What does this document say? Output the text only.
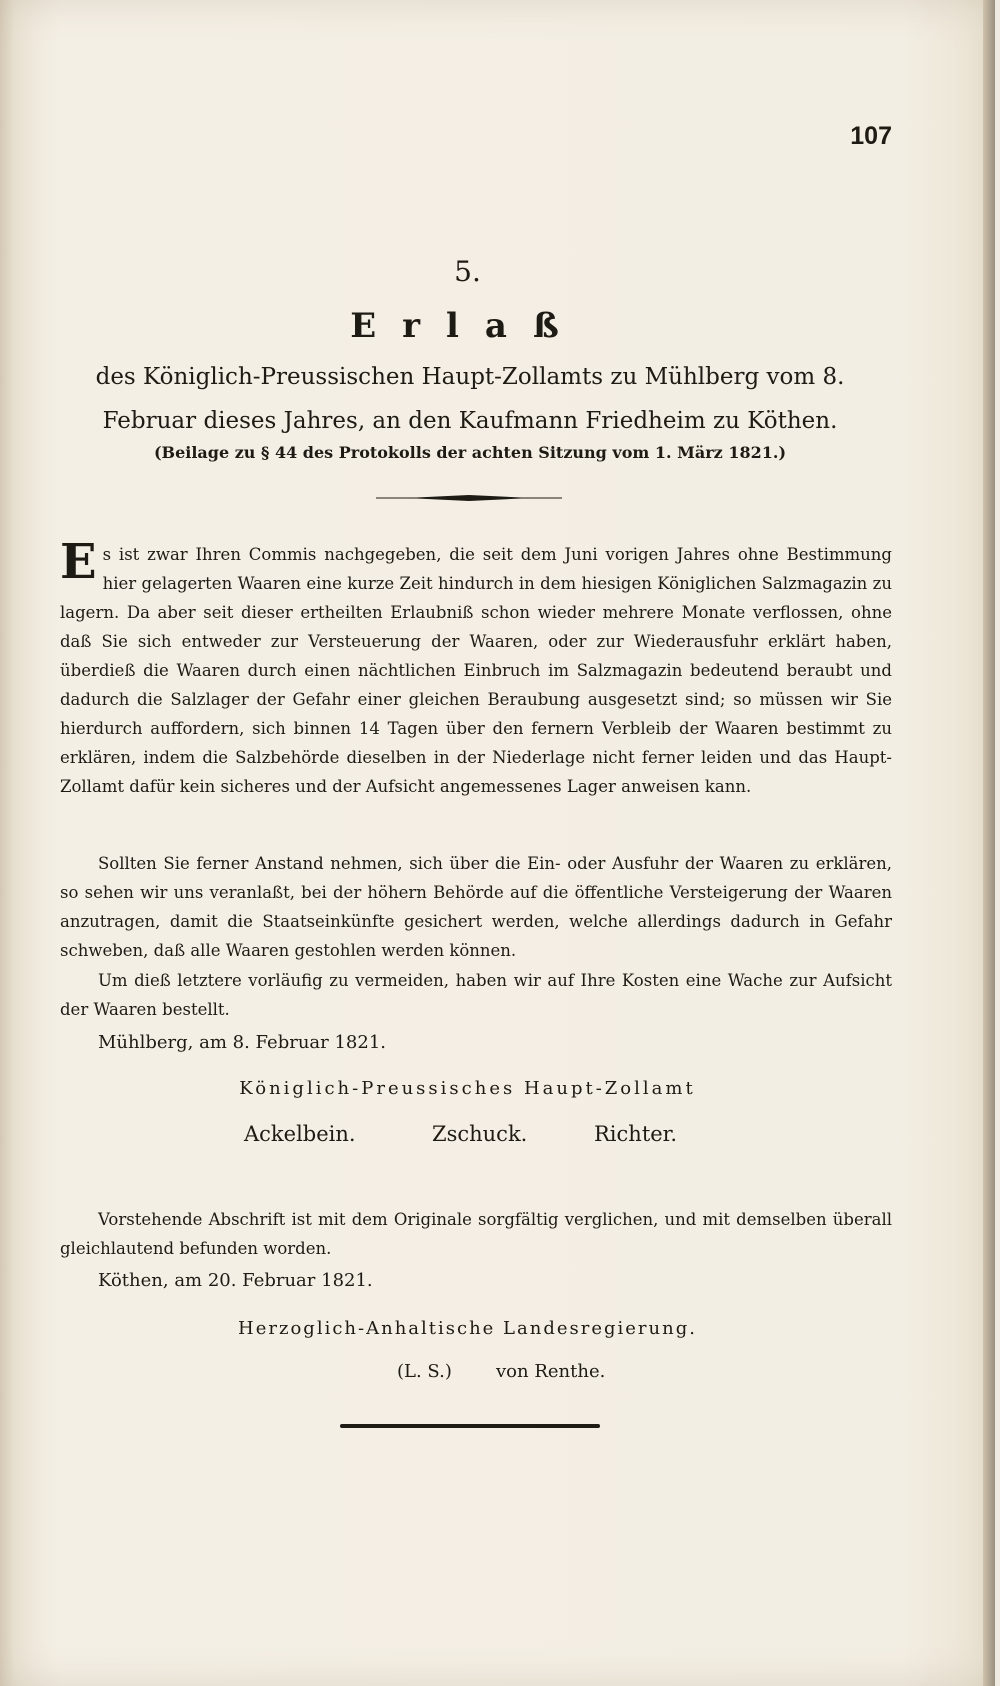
107
5.
Erlaß
des Königlich-Preussischen Haupt-Zollamts zu Mühlberg vom 8. Februar dieses Jahres, an den Kaufmann Friedheim zu Köthen.
(Beilage zu § 44 des Protokolls der achten Sitzung vom 1. März 1821.)
Es ist zwar Ihren Commis nachgegeben, die seit dem Juni vorigen Jahres ohne Bestimmung hier gelagerten Waaren eine kurze Zeit hindurch in dem hiesigen Königlichen Salzmagazin zu lagern. Da aber seit dieser ertheilten Erlaubniß schon wieder mehrere Monate verflossen, ohne daß Sie sich entweder zur Versteuerung der Waaren, oder zur Wiederausfuhr erklärt haben, überdieß die Waaren durch einen nächtlichen Einbruch im Salzmagazin bedeutend beraubt und dadurch die Salzlager der Gefahr einer gleichen Beraubung ausgesetzt sind; so müssen wir Sie hierdurch auffordern, sich binnen 14 Tagen über den fernern Verbleib der Waaren bestimmt zu erklären, indem die Salzbehörde dieselben in der Niederlage nicht ferner leiden und das Haupt-Zollamt dafür kein sicheres und der Aufsicht angemessenes Lager anweisen kann.
Sollten Sie ferner Anstand nehmen, sich über die Ein- oder Ausfuhr der Waaren zu erklären, so sehen wir uns veranlaßt, bei der höhern Behörde auf die öffentliche Versteigerung der Waaren anzutragen, damit die Staatseinkünfte gesichert werden, welche allerdings dadurch in Gefahr schweben, daß alle Waaren gestohlen werden können.
Um dieß letztere vorläufig zu vermeiden, haben wir auf Ihre Kosten eine Wache zur Aufsicht der Waaren bestellt.
Mühlberg, am 8. Februar 1821.
Königlich-Preussisches Haupt-Zollamt
Ackelbein.	Zschuck.	Richter.
Vorstehende Abschrift ist mit dem Originale sorgfältig verglichen, und mit demselben überall gleichlautend befunden worden.
Köthen, am 20. Februar 1821.
Herzoglich-Anhaltische Landesregierung.
(L. S.) von Renthe.
